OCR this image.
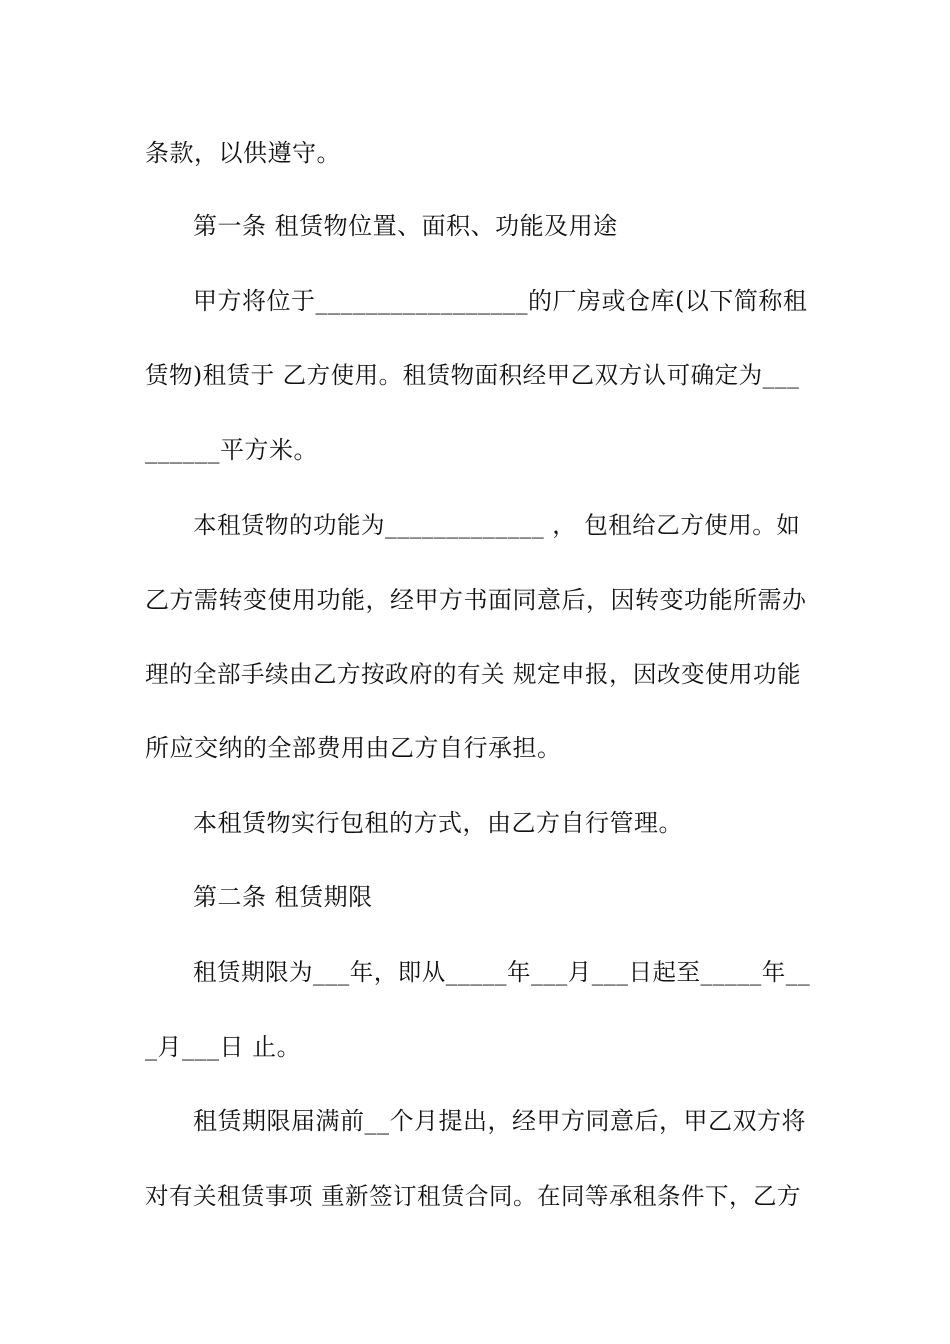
条款，以供遵守。
第一条 租赁物位置、面积、功能及用途
甲方将位于_________________的厂房或仓库(以下简称租
赁物)租赁于 乙方使用。租赁物面积经甲乙双方认可确定为___
______平方米。
本租赁物的功能为_____________ ， 包租给乙方使用。如
乙方需转变使用功能，经甲方书面同意后，因转变功能所需办
理的全部手续由乙方按政府的有关 规定申报，因改变使用功能
所应交纳的全部费用由乙方自行承担。
本租赁物实行包租的方式，由乙方自行管理。
第二条 租赁期限
租赁期限为___年，即从_____年___月___日起至_____年__
_月___日 止。
租赁期限届满前__个月提出，经甲方同意后，甲乙双方将
对有关租赁事项 重新签订租赁合同。在同等承租条件下，乙方
